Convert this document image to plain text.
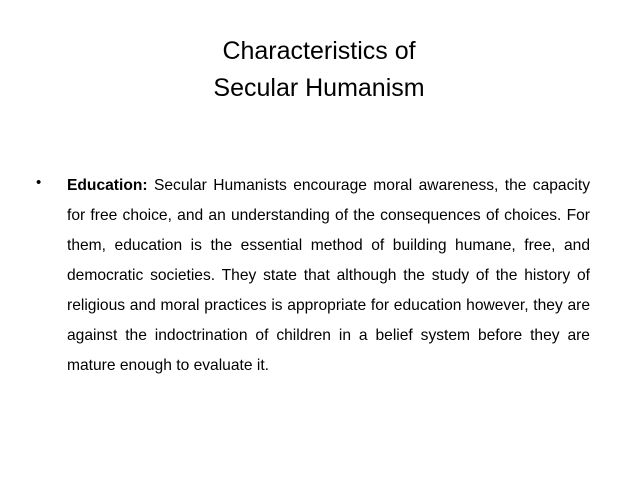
Characteristics of
Secular Humanism
• Education: Secular Humanists encourage moral awareness, the capacity for free choice, and an understanding of the consequences of choices. For them, education is the essential method of building humane, free, and democratic societies. They state that although the study of the history of religious and moral practices is appropriate for education however, they are against the indoctrination of children in a belief system before they are mature enough to evaluate it.
